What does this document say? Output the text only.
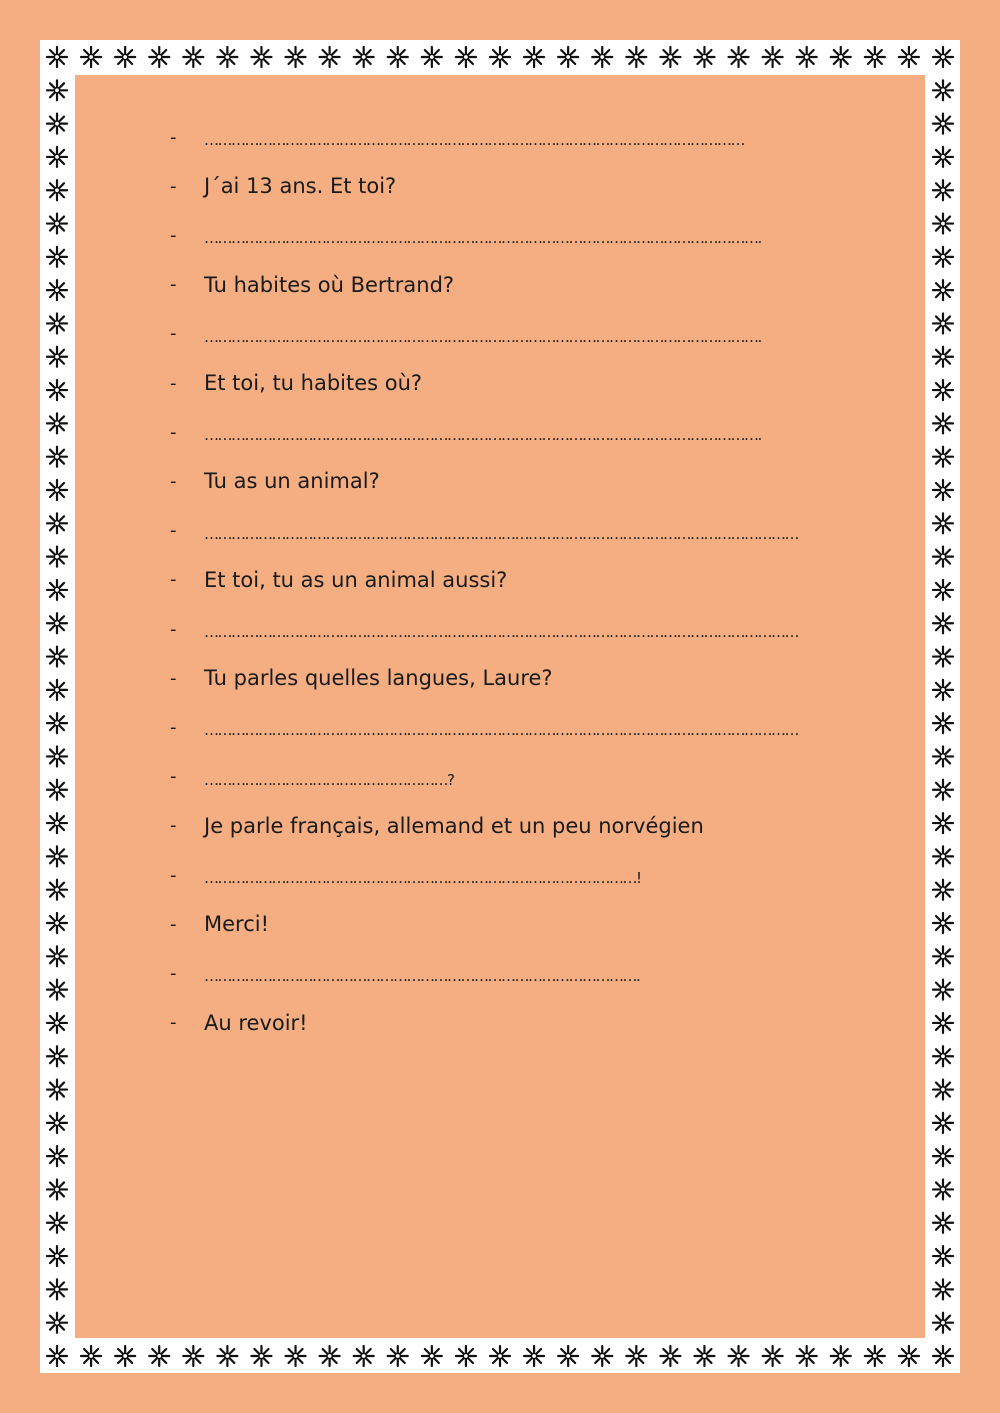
-	…………………………………………………………………………………………………………
-	J´ai 13 ans. Et toi?
-	…………………………………………………………………………………………………………….
-	Tu habites où Bertrand?
-	…………………………………………………………………………………………………………….
-	Et toi, tu habites où?
-	…………………………………………………………………………………………………………….
-	Tu as un animal?
-	……………………………………………………………………………………………………………………
-	Et toi, tu as un animal aussi?
-	……………………………………………………………………………………………………………………
-	Tu parles quelles langues, Laure?
-	……………………………………………………………………………………………………………………
-	………………………………………………?
-	Je parle français, allemand et un peu norvégien
-	……………………………………………………………………………………!
-	Merci!
-	…………………………………………………………………………………….
-	Au revoir!
